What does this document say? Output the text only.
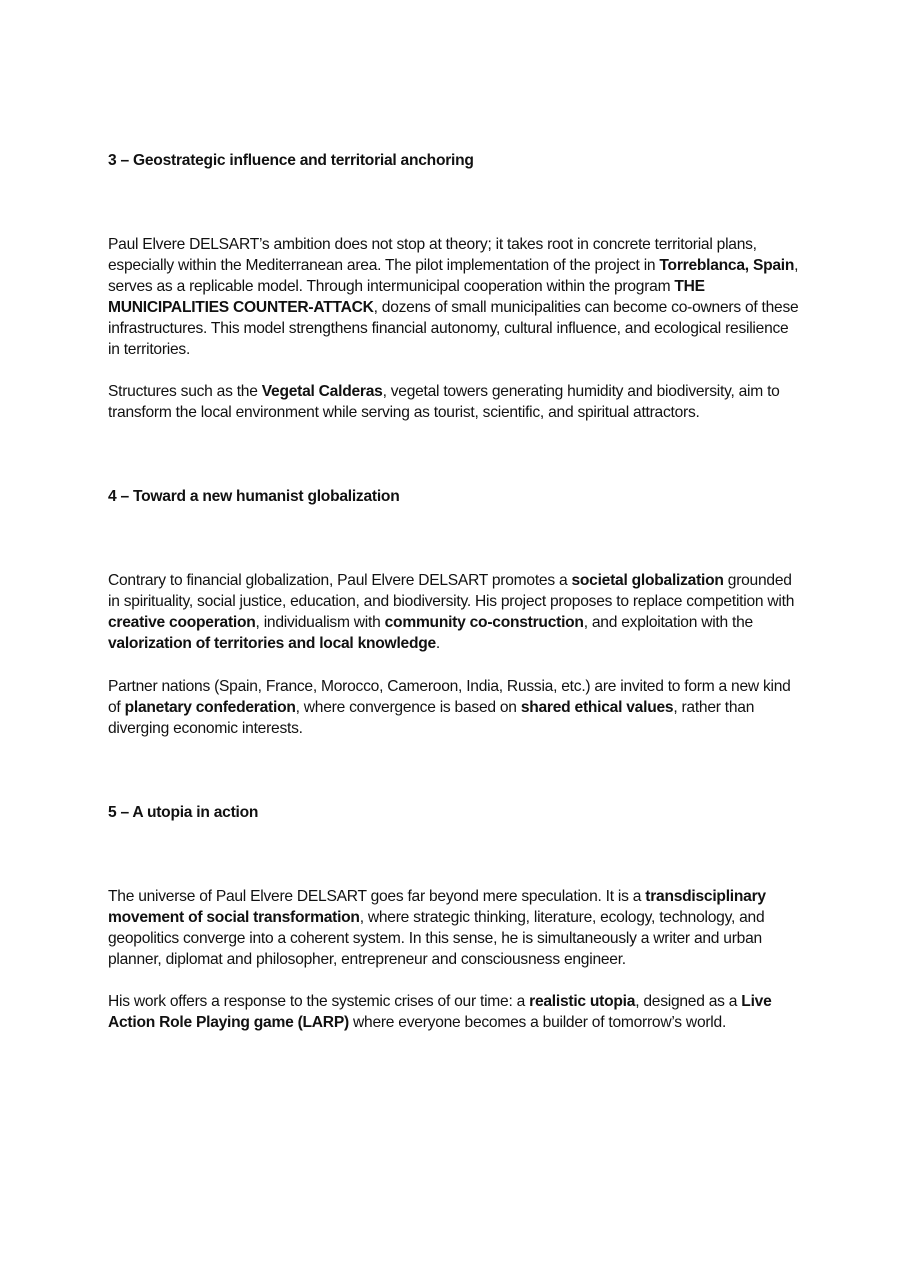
3 – Geostrategic influence and territorial anchoring

Paul Elvere DELSART’s ambition does not stop at theory; it takes root in concrete territorial plans, especially within the Mediterranean area. The pilot implementation of the project in Torreblanca, Spain, serves as a replicable model. Through intermunicipal cooperation within the program THE MUNICIPALITIES COUNTER-ATTACK, dozens of small municipalities can become co-owners of these infrastructures. This model strengthens financial autonomy, cultural influence, and ecological resilience in territories.

Structures such as the Vegetal Calderas, vegetal towers generating humidity and biodiversity, aim to transform the local environment while serving as tourist, scientific, and spiritual attractors.

4 – Toward a new humanist globalization

Contrary to financial globalization, Paul Elvere DELSART promotes a societal globalization grounded in spirituality, social justice, education, and biodiversity. His project proposes to replace competition with creative cooperation, individualism with community co-construction, and exploitation with the valorization of territories and local knowledge.

Partner nations (Spain, France, Morocco, Cameroon, India, Russia, etc.) are invited to form a new kind of planetary confederation, where convergence is based on shared ethical values, rather than diverging economic interests.

5 – A utopia in action

The universe of Paul Elvere DELSART goes far beyond mere speculation. It is a transdisciplinary movement of social transformation, where strategic thinking, literature, ecology, technology, and geopolitics converge into a coherent system. In this sense, he is simultaneously a writer and urban planner, diplomat and philosopher, entrepreneur and consciousness engineer.

His work offers a response to the systemic crises of our time: a realistic utopia, designed as a Live Action Role Playing game (LARP) where everyone becomes a builder of tomorrow’s world.
